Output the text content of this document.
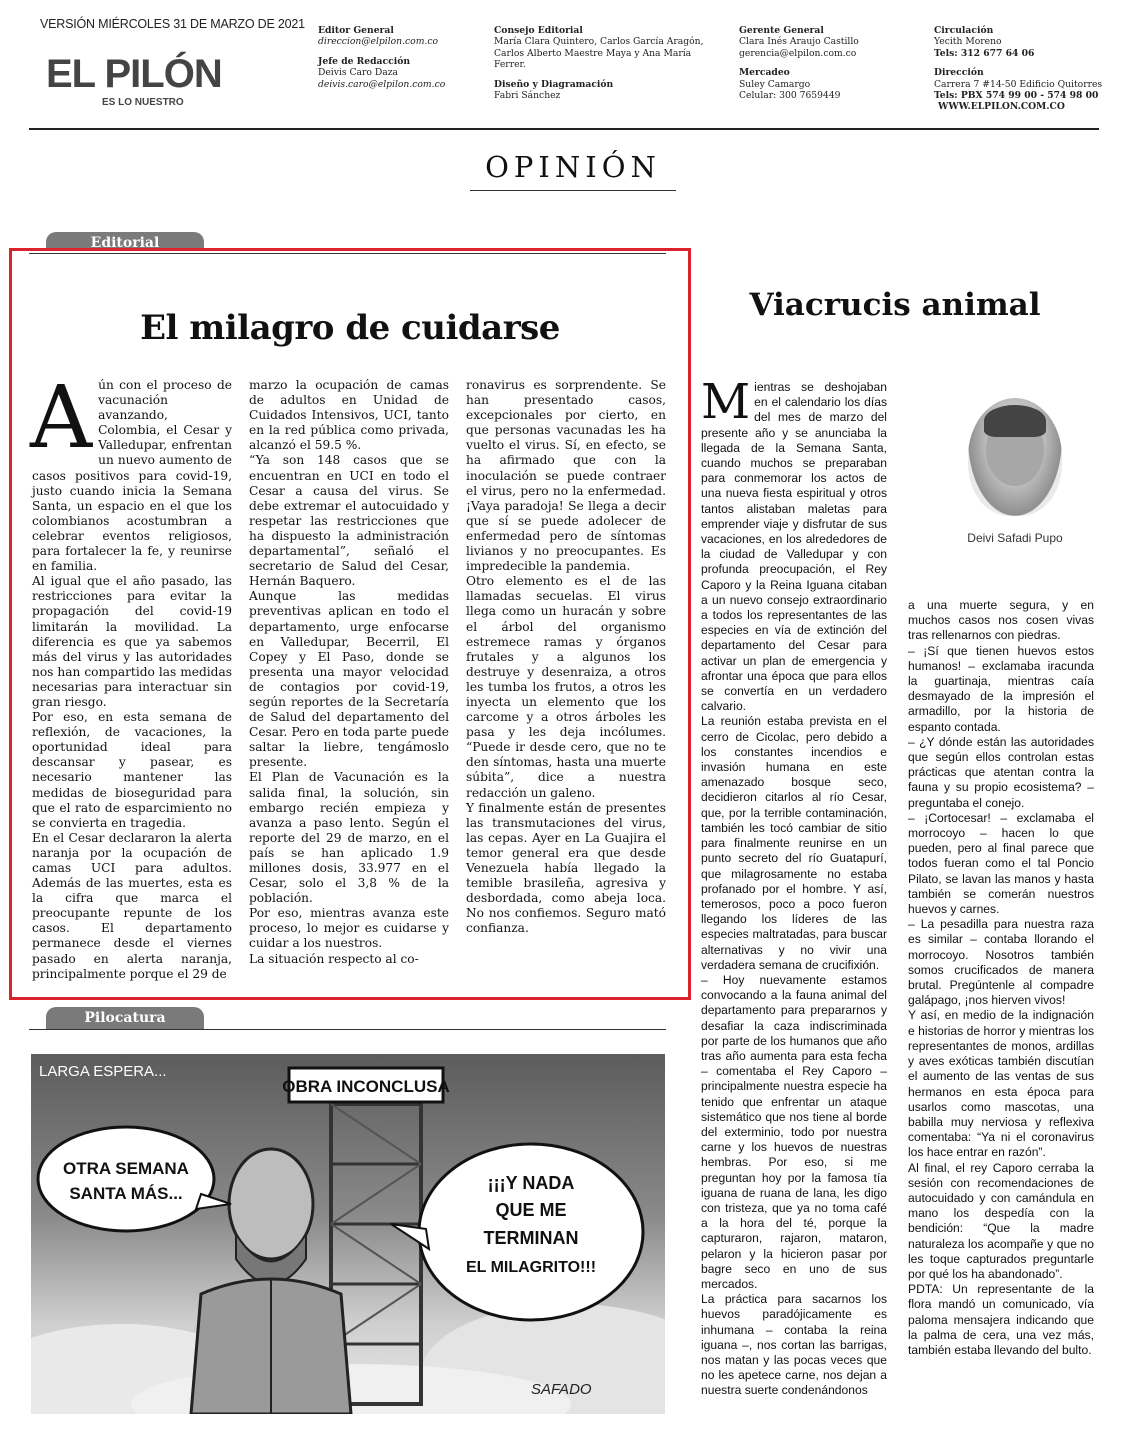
VERSIÓN MIÉRCOLES 31 DE MARZO DE 2021
EL PILÓN
ES LO NUESTRO
Editor General
direccion@elpilon.com.co
Jefe de Redacción
Deivis Caro Daza
deivis.caro@elpilon.com.co
Consejo Editorial
María Clara Quintero, Carlos García Aragón,
Carlos Alberto Maestre Maya y Ana María
Ferrer.
Diseño y Diagramación
Fabri Sánchez
Gerente General
Clara Inés Araujo Castillo
gerencia@elpilon.com.co
Mercadeo
Suley Camargo
Celular: 300 7659449
Circulación
Yecith Moreno
Tels: 312 677 64 06
Dirección
Carrera 7 #14-50 Edificio Quitorres
Tels: PBX 574 99 00 - 574 98 00
WWW.ELPILON.COM.CO
OPINIÓN
Editorial
El milagro de cuidarse
A ún con el proceso de vacunación avanzando, Colombia, el Cesar y Valledupar, enfrentan un nuevo aumento de casos positivos para covid-19, justo cuando inicia la Semana Santa, un espacio en el que los colombianos acostumbran a celebrar eventos religiosos, para fortalecer la fe, y reunirse en familia.

Al igual que el año pasado, las restricciones para evitar la propagación del covid-19 limitarán la movilidad. La diferencia es que ya sabemos más del virus y las autoridades nos han compartido las medidas necesarias para interactuar sin gran riesgo.

Por eso, en esta semana de reflexión, de vacaciones, la oportunidad ideal para descansar y pasear, es necesario mantener las medidas de bioseguridad para que el rato de esparcimiento no se convierta en tragedia.

En el Cesar declararon la alerta naranja por la ocupación de camas UCI para adultos. Además de las muertes, esta es la cifra que marca el preocupante repunte de los casos. El departamento permanece desde el viernes pasado en alerta naranja, principalmente porque el 29 de

marzo la ocupación de camas de adultos en Unidad de Cuidados Intensivos, UCI, tanto en la red pública como privada, alcanzó el 59.5 %.

“Ya son 148 casos que se encuentran en UCI en todo el Cesar a causa del virus. Se debe extremar el autocuidado y respetar las restricciones que ha dispuesto la administración departamental”, señaló el secretario de Salud del Cesar, Hernán Baquero.

Aunque las medidas preventivas aplican en todo el departamento, urge enfocarse en Valledupar, Becerril, El Copey y El Paso, donde se presenta una mayor velocidad de contagios por covid-19, según reportes de la Secretaría de Salud del departamento del Cesar. Pero en toda parte puede saltar la liebre, tengámoslo presente.

El Plan de Vacunación es la salida final, la solución, sin embargo recién empieza y avanza a paso lento. Según el reporte del 29 de marzo, en el país se han aplicado 1.9 millones dosis, 33.977 en el Cesar, solo el 3,8 % de la población.

Por eso, mientras avanza este proceso, lo mejor es cuidarse y cuidar a los nuestros.

La situación respecto al co-

ronavirus es sorprendente. Se han presentado casos, excepcionales por cierto, en que personas vacunadas les ha vuelto el virus. Sí, en efecto, se ha afirmado que con la inoculación se puede contraer el virus, pero no la enfermedad. ¡Vaya paradoja! Se llega a decir que sí se puede adolecer de enfermedad pero de síntomas livianos y no preocupantes. Es impredecible la pandemia.

Otro elemento es el de las llamadas secuelas. El virus llega como un huracán y sobre el árbol del organismo estremece ramas y órganos frutales y a algunos los destruye y desenraiza, a otros les tumba los frutos, a otros les inyecta un elemento que los carcome y a otros árboles les pasa y les deja incólumes. “Puede ir desde cero, que no te den síntomas, hasta una muerte súbita”, dice a nuestra redacción un galeno.

Y finalmente están de presentes las transmutaciones del virus, las cepas. Ayer en La Guajira el temor general era que desde Venezuela había llegado la temible brasileña, agresiva y desbordada, como abeja loca. No nos confiemos. Seguro mató confianza.

Viacrucis animal
Deivi Safadi Pupo
M ientras se deshojaban en el calendario los días del mes de marzo del presente año y se anunciaba la llegada de la Semana Santa, cuando muchos se preparaban para conmemorar los actos de una nueva fiesta espiritual y otros tantos alistaban maletas para emprender viaje y disfrutar de sus vacaciones, en los alrededores de la ciudad de Valledupar y con profunda preocupación, el Rey Caporo y la Reina Iguana citaban a un nuevo consejo extraordinario a todos los representantes de las especies en vía de extinción del departamento del Cesar para activar un plan de emergencia y afrontar una época que para ellos se convertía en un verdadero calvario.

La reunión estaba prevista en el cerro de Cicolac, pero debido a los constantes incendios e invasión humana en este amenazado bosque seco, decidieron citarlos al río Cesar, que, por la terrible contaminación, también les tocó cambiar de sitio para finalmente reunirse en un punto secreto del río Guatapurí, que milagrosamente no estaba profanado por el hombre. Y así, temerosos, poco a poco fueron llegando los líderes de las especies maltratadas, para buscar alternativas y no vivir una verdadera semana de crucifixión.

– Hoy nuevamente estamos convocando a la fauna animal del departamento para prepararnos y desafiar la caza indiscriminada por parte de los humanos que año tras año aumenta para esta fecha – comentaba el Rey Caporo – principalmente nuestra especie ha tenido que enfrentar un ataque sistemático que nos tiene al borde del exterminio, todo por nuestra carne y los huevos de nuestras hembras. Por eso, si me preguntan hoy por la famosa tía iguana de ruana de lana, les digo con tristeza, que ya no toma café a la hora del té, porque la capturaron, rajaron, mataron, pelaron y la hicieron pasar por bagre seco en uno de sus mercados.

La práctica para sacarnos los huevos paradójicamente es inhumana – contaba la reina iguana –, nos cortan las barrigas, nos matan y las pocas veces que no les apetece carne, nos dejan a nuestra suerte condenándonos

a una muerte segura, y en muchos casos nos cosen vivas tras rellenarnos con piedras.

– ¡Sí que tienen huevos estos humanos! – exclamaba iracunda la guartinaja, mientras caía desmayado de la impresión el armadillo, por la historia de espanto contada.

– ¿Y dónde están las autoridades que según ellos controlan estas prácticas que atentan contra la fauna y su propio ecosistema? – preguntaba el conejo.

– ¡Cortocesar! – exclamaba el morrocoyo – hacen lo que pueden, pero al final parece que todos fueran como el tal Poncio Pilato, se lavan las manos y hasta también se comerán nuestros huevos y carnes.

– La pesadilla para nuestra raza es similar – contaba llorando el morrocoyo. Nosotros también somos crucificados de manera brutal. Pregúntenle al compadre galápago, ¡nos hierven vivos!

Y así, en medio de la indignación e historias de horror y mientras los representantes de monos, ardillas y aves exóticas también discutían el aumento de las ventas de sus hermanos en esta época para usarlos como mascotas, una babilla muy nerviosa y reflexiva comentaba: “Ya ni el coronavirus los hace entrar en razón”.

Al final, el rey Caporo cerraba la sesión con recomendaciones de autocuidado y con camándula en mano los despedía con la bendición: “Que la madre naturaleza los acompañe y que no les toque capturados preguntarle por qué los ha abandonado”.

PDTA: Un representante de la flora mandó un comunicado, vía paloma mensajera indicando que la palma de cera, una vez más, también estaba llevando del bulto.

Pilocatura
OBRA INCONCLUSA
LARGA ESPERA...
OTRA SEMANA
SANTA MÁS...
¡¡¡Y NADA
QUE ME
TERMINAN
EL MILAGRITO!!!
SAFADO
